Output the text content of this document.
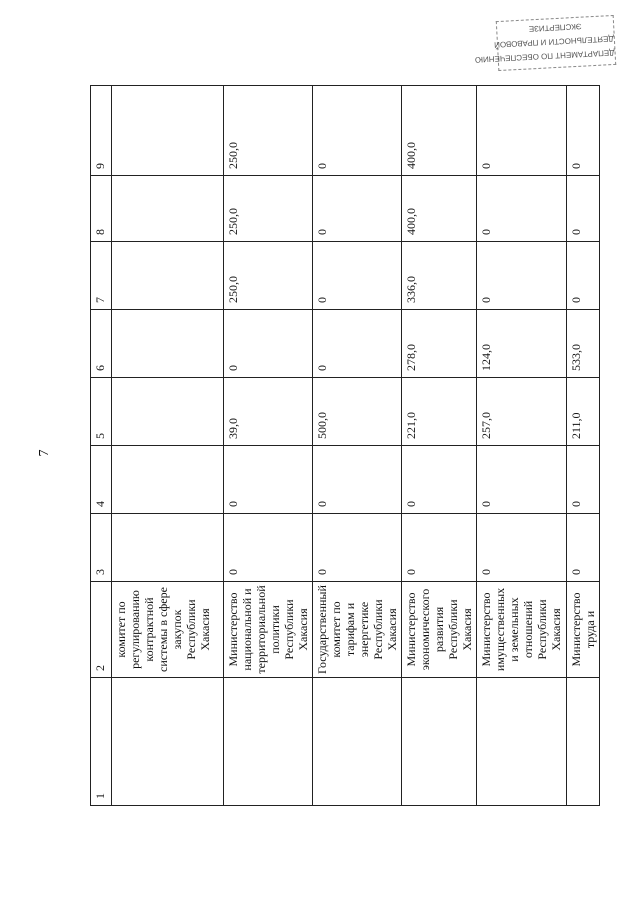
7
ЭКСПЕРТИЗЕ
ДЕЯТЕЛЬНОСТИ И ПРАВОВОЙ
ДЕПАРТАМЕНТ ПО ОБЕСПЕЧЕНИЮ
1	2	3	4	5	6	7	8	9
	комитет по регулированию контрактной системы в сфере закупок Республики Хакасия							
	Министерство национальной и территориальной политики Республики Хакасия	0	0	39,0	0	250,0	250,0	250,0
	Государственный комитет по тарифам и энергетике Республики Хакасия	0	0	500,0	0	0	0	0
	Министерство экономического развития Республики Хакасия	0	0	221,0	278,0	336,0	400,0	400,0
	Министерство имущественных и земельных отношений Республики Хакасия	0	0	257,0	124,0	0	0	0
	Министерство труда и	0	0	211,0	533,0	0	0	0
